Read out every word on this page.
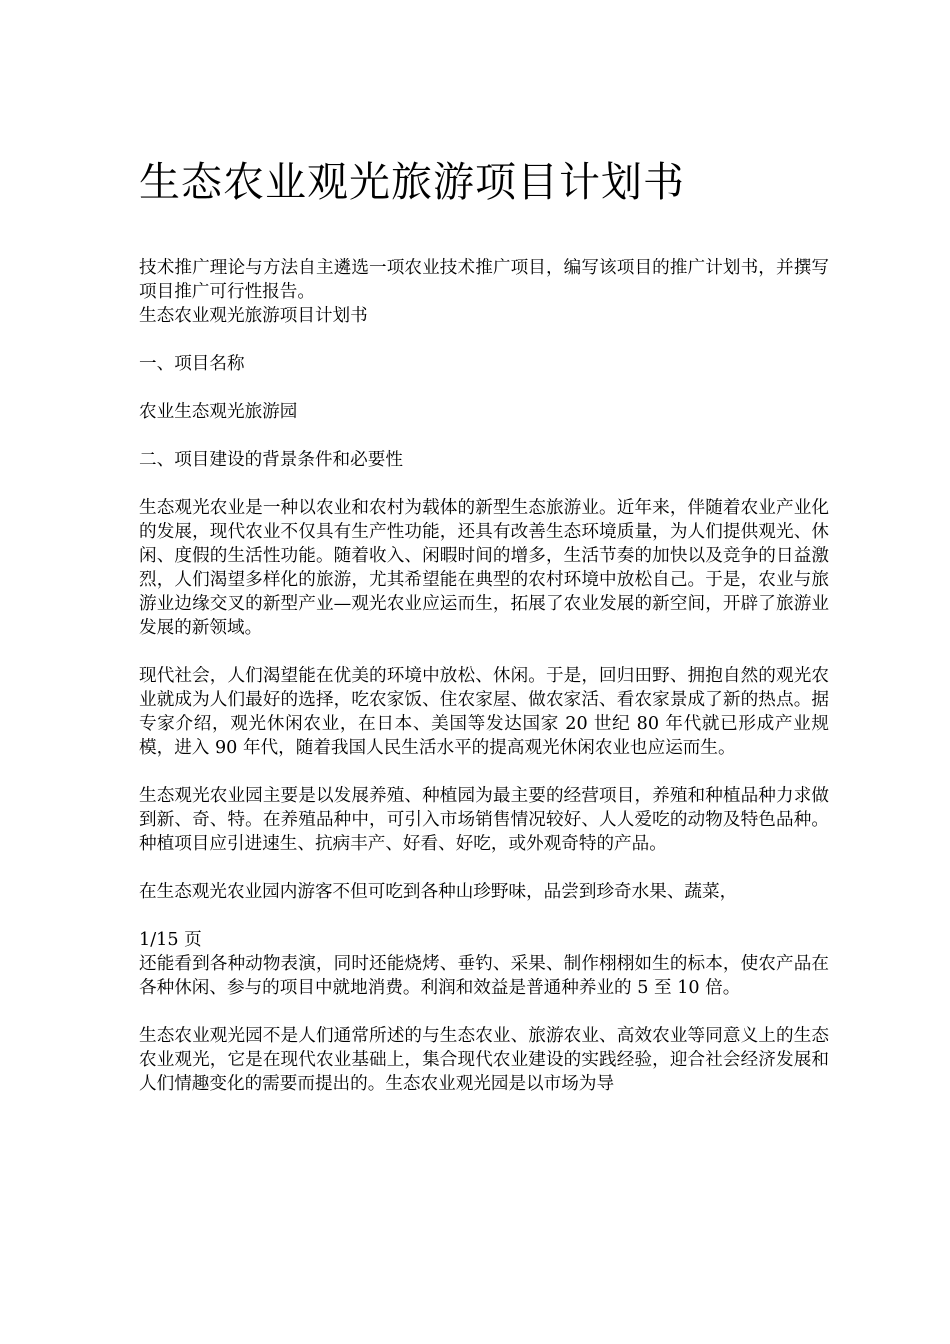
生态农业观光旅游项目计划书

技术推广理论与方法自主遴选一项农业技术推广项目，编写该项目的推广计划书，并撰写项目推广可行性报告。

生态农业观光旅游项目计划书

一、项目名称

农业生态观光旅游园

二、项目建设的背景条件和必要性

生态观光农业是一种以农业和农村为载体的新型生态旅游业。近年来，伴随着农业产业化的发展，现代农业不仅具有生产性功能，还具有改善生态环境质量，为人们提供观光、休闲、度假的生活性功能。随着收入、闲暇时间的增多，生活节奏的加快以及竞争的日益激烈，人们渴望多样化的旅游，尤其希望能在典型的农村环境中放松自己。于是，农业与旅游业边缘交叉的新型产业—观光农业应运而生，拓展了农业发展的新空间，开辟了旅游业发展的新领域。

现代社会，人们渴望能在优美的环境中放松、休闲。于是，回归田野、拥抱自然的观光农业就成为人们最好的选择，吃农家饭、住农家屋、做农家活、看农家景成了新的热点。据专家介绍，观光休闲农业，在日本、美国等发达国家 20 世纪 80 年代就已形成产业规模，进入 90 年代，随着我国人民生活水平的提高观光休闲农业也应运而生。

生态观光农业园主要是以发展养殖、种植园为最主要的经营项目，养殖和种植品种力求做到新、奇、特。在养殖品种中，可引入市场销售情况较好、人人爱吃的动物及特色品种。种植项目应引进速生、抗病丰产、好看、好吃，或外观奇特的产品。

在生态观光农业园内游客不但可吃到各种山珍野味，品尝到珍奇水果、蔬菜，

1/15 页

还能看到各种动物表演，同时还能烧烤、垂钓、采果、制作栩栩如生的标本，使农产品在各种休闲、参与的项目中就地消费。利润和效益是普通种养业的 5 至 10 倍。

生态农业观光园不是人们通常所述的与生态农业、旅游农业、高效农业等同意义上的生态农业观光，它是在现代农业基础上，集合现代农业建设的实践经验，迎合社会经济发展和人们情趣变化的需要而提出的。生态农业观光园是以市场为导
